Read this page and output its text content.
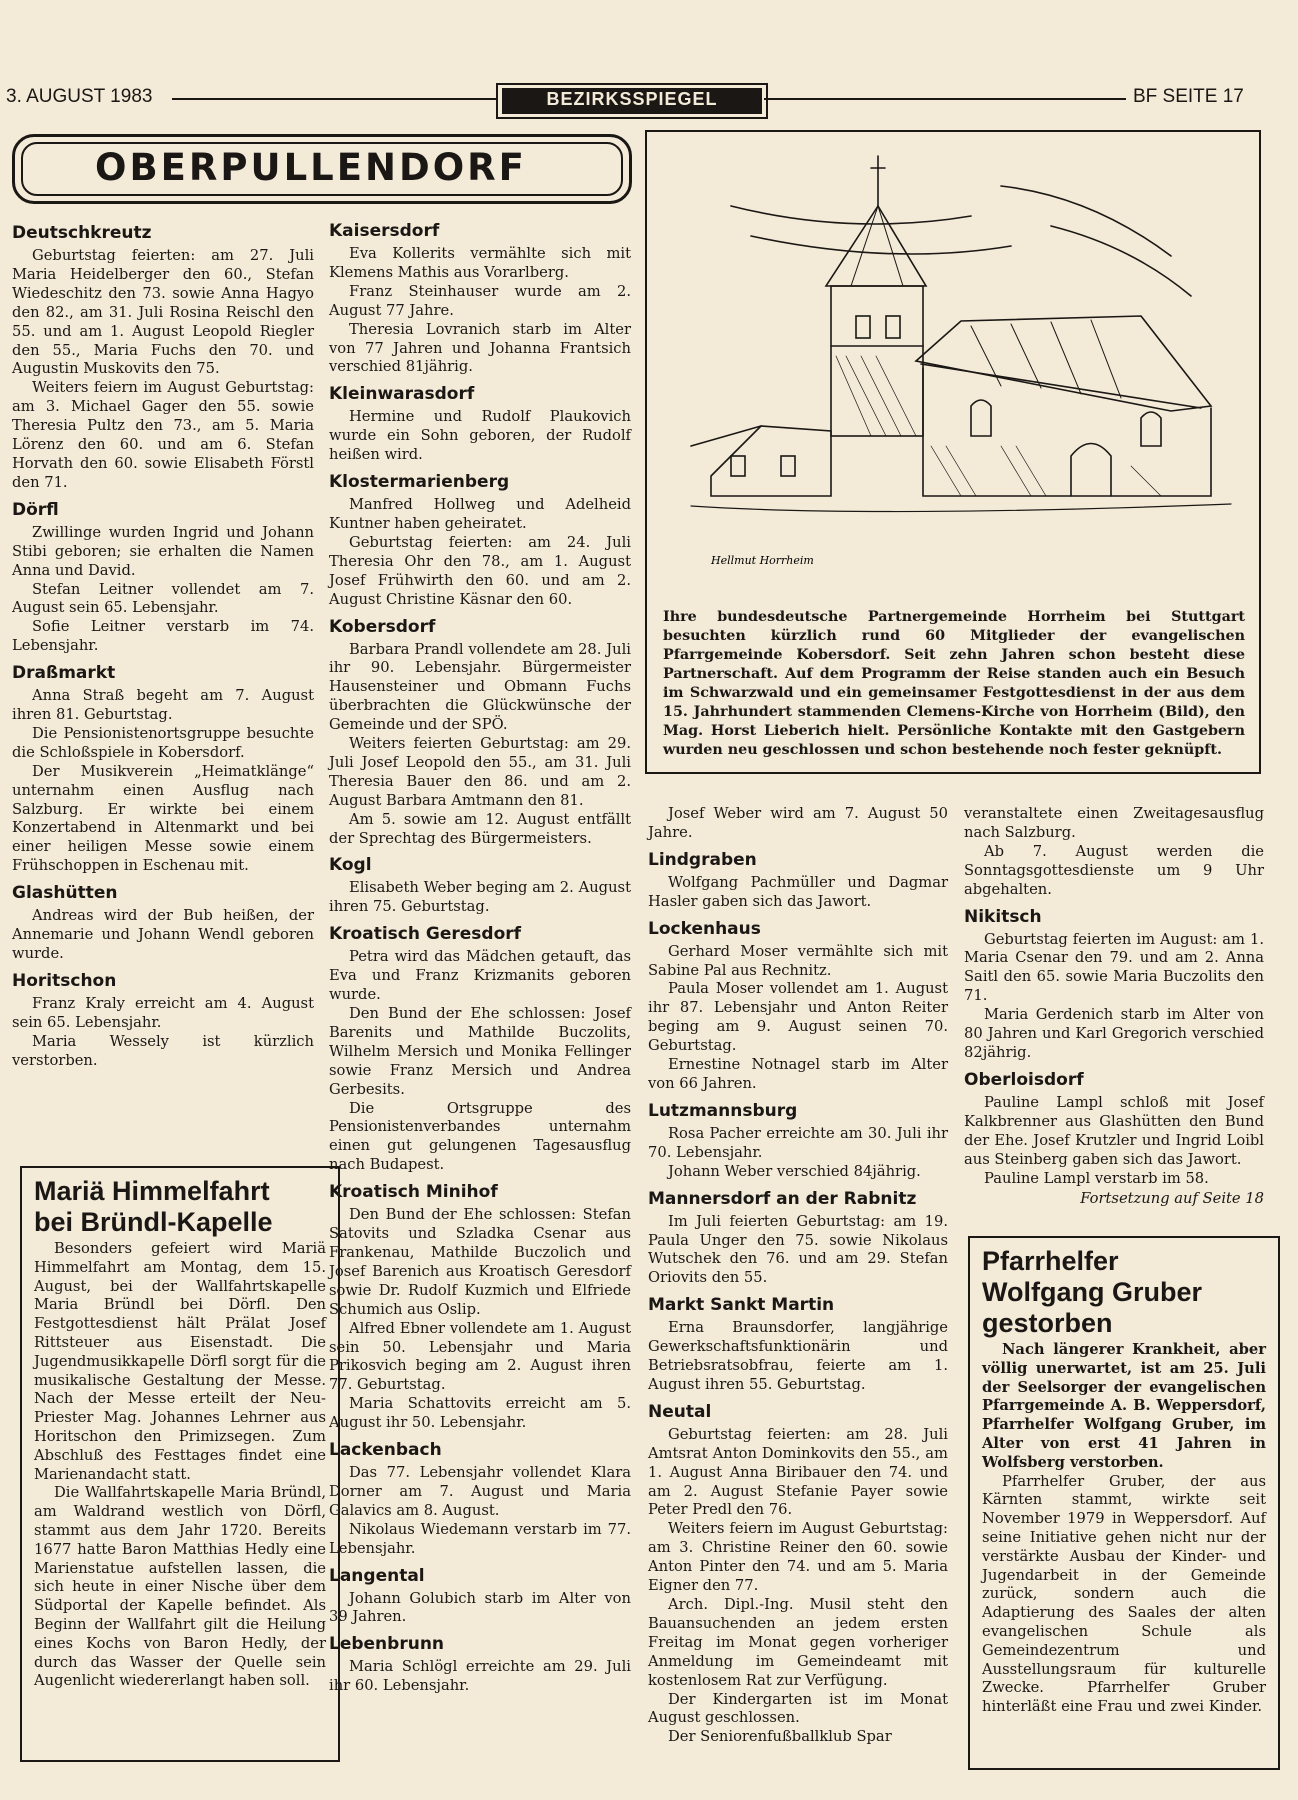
3. AUGUST 1983	BEZIRKSSPIEGEL	BF SEITE 17
OBERPULLENDORF
Deutschkreutz

Geburtstag feierten: am 27. Juli Maria Heidelberger den 60., Stefan Wiedeschitz den 73. sowie Anna Hagyo den 82., am 31. Juli Rosina Reischl den 55. und am 1. August Leopold Riegler den 55., Maria Fuchs den 70. und Augustin Muskovits den 75.

Weiters feiern im August Geburtstag: am 3. Michael Gager den 55. sowie Theresia Pultz den 73., am 5. Maria Lörenz den 60. und am 6. Stefan Horvath den 60. sowie Elisabeth Förstl den 71.

Dörfl

Zwillinge wurden Ingrid und Johann Stibi geboren; sie erhalten die Namen Anna und David.

Stefan Leitner vollendet am 7. August sein 65. Lebensjahr.

Sofie Leitner verstarb im 74. Lebensjahr.

Draßmarkt

Anna Straß begeht am 7. August ihren 81. Geburtstag.

Die Pensionistenortsgruppe besuchte die Schloßspiele in Kobersdorf.

Der Musikverein „Heimatklänge“ unternahm einen Ausflug nach Salzburg. Er wirkte bei einem Konzertabend in Altenmarkt und bei einer heiligen Messe sowie einem Frühschoppen in Eschenau mit.

Glashütten

Andreas wird der Bub heißen, der Annemarie und Johann Wendl geboren wurde.

Horitschon

Franz Kraly erreicht am 4. August sein 65. Lebensjahr.

Maria Wessely ist kürzlich verstorben.

Mariä Himmelfahrt
bei Bründl-Kapelle

Besonders gefeiert wird Mariä Himmelfahrt am Montag, dem 15. August, bei der Wallfahrtskapelle Maria Bründl bei Dörfl. Den Festgottesdienst hält Prälat Josef Rittsteuer aus Eisenstadt. Die Jugendmusikkapelle Dörfl sorgt für die musikalische Gestaltung der Messe. Nach der Messe erteilt der Neu-Priester Mag. Johannes Lehrner aus Horitschon den Primizsegen. Zum Abschluß des Festtages findet eine Marienandacht statt.

Die Wallfahrtskapelle Maria Bründl, am Waldrand westlich von Dörfl, stammt aus dem Jahr 1720. Bereits 1677 hatte Baron Matthias Hedly eine Marienstatue aufstellen lassen, die sich heute in einer Nische über dem Südportal der Kapelle befindet. Als Beginn der Wallfahrt gilt die Heilung eines Kochs von Baron Hedly, der durch das Wasser der Quelle sein Augenlicht wiedererlangt haben soll.

Kaisersdorf

Eva Kollerits vermählte sich mit Klemens Mathis aus Vorarlberg.

Franz Steinhauser wurde am 2. August 77 Jahre.

Theresia Lovranich starb im Alter von 77 Jahren und Johanna Frantsich verschied 81jährig.

Kleinwarasdorf

Hermine und Rudolf Plaukovich wurde ein Sohn geboren, der Rudolf heißen wird.

Klostermarienberg

Manfred Hollweg und Adelheid Kuntner haben geheiratet.

Geburtstag feierten: am 24. Juli Theresia Ohr den 78., am 1. August Josef Frühwirth den 60. und am 2. August Christine Käsnar den 60.

Kobersdorf

Barbara Prandl vollendete am 28. Juli ihr 90. Lebensjahr. Bürgermeister Hausensteiner und Obmann Fuchs überbrachten die Glückwünsche der Gemeinde und der SPÖ.

Weiters feierten Geburtstag: am 29. Juli Josef Leopold den 55., am 31. Juli Theresia Bauer den 86. und am 2. August Barbara Amtmann den 81.

Am 5. sowie am 12. August entfällt der Sprechtag des Bürgermeisters.

Kogl

Elisabeth Weber beging am 2. August ihren 75. Geburtstag.

Kroatisch Geresdorf

Petra wird das Mädchen getauft, das Eva und Franz Krizmanits geboren wurde.

Den Bund der Ehe schlossen: Josef Barenits und Mathilde Buczolits, Wilhelm Mersich und Monika Fellinger sowie Franz Mersich und Andrea Gerbesits.

Die Ortsgruppe des Pensionistenverbandes unternahm einen gut gelungenen Tagesausflug nach Budapest.

Kroatisch Minihof

Den Bund der Ehe schlossen: Stefan Satovits und Szladka Csenar aus Frankenau, Mathilde Buczolich und Josef Barenich aus Kroatisch Geresdorf sowie Dr. Rudolf Kuzmich und Elfriede Schumich aus Oslip.

Alfred Ebner vollendete am 1. August sein 50. Lebensjahr und Maria Prikosvich beging am 2. August ihren 77. Geburtstag.

Maria Schattovits erreicht am 5. August ihr 50. Lebensjahr.

Lackenbach

Das 77. Lebensjahr vollendet Klara Dorner am 7. August und Maria Galavics am 8. August.

Nikolaus Wiedemann verstarb im 77. Lebensjahr.

Langental

Johann Golubich starb im Alter von 39 Jahren.

Lebenbrunn

Maria Schlögl erreichte am 29. Juli ihr 60. Lebensjahr.

Hellmut Horrheim
Ihre bundesdeutsche Partnergemeinde Horrheim bei Stuttgart besuchten kürzlich rund 60 Mitglieder der evangelischen Pfarrgemeinde Kobersdorf. Seit zehn Jahren schon besteht diese Partnerschaft. Auf dem Programm der Reise standen auch ein Besuch im Schwarzwald und ein gemeinsamer Festgottesdienst in der aus dem 15. Jahrhundert stammenden Clemens-Kirche von Horrheim (Bild), den Mag. Horst Lieberich hielt. Persönliche Kontakte mit den Gastgebern wurden neu geschlossen und schon bestehende noch fester geknüpft.

Josef Weber wird am 7. August 50 Jahre.

Lindgraben

Wolfgang Pachmüller und Dagmar Hasler gaben sich das Jawort.

Lockenhaus

Gerhard Moser vermählte sich mit Sabine Pal aus Rechnitz.

Paula Moser vollendet am 1. August ihr 87. Lebensjahr und Anton Reiter beging am 9. August seinen 70. Geburtstag.

Ernestine Notnagel starb im Alter von 66 Jahren.

Lutzmannsburg

Rosa Pacher erreichte am 30. Juli ihr 70. Lebensjahr.

Johann Weber verschied 84jährig.

Mannersdorf an der Rabnitz

Im Juli feierten Geburtstag: am 19. Paula Unger den 75. sowie Nikolaus Wutschek den 76. und am 29. Stefan Oriovits den 55.

Markt Sankt Martin

Erna Braunsdorfer, langjährige Gewerkschaftsfunktionärin und Betriebsratsobfrau, feierte am 1. August ihren 55. Geburtstag.

Neutal

Geburtstag feierten: am 28. Juli Amtsrat Anton Dominkovits den 55., am 1. August Anna Biribauer den 74. und am 2. August Stefanie Payer sowie Peter Predl den 76.

Weiters feiern im August Geburtstag: am 3. Christine Reiner den 60. sowie Anton Pinter den 74. und am 5. Maria Eigner den 77.

Arch. Dipl.-Ing. Musil steht den Bauansuchenden an jedem ersten Freitag im Monat gegen vorheriger Anmeldung im Gemeindeamt mit kostenlosem Rat zur Verfügung.

Der Kindergarten ist im Monat August geschlossen.

Der Seniorenfußballklub Spar

veranstaltete einen Zweitagesausflug nach Salzburg.

Ab 7. August werden die Sonntagsgottesdienste um 9 Uhr abgehalten.

Nikitsch

Geburtstag feierten im August: am 1. Maria Csenar den 79. und am 2. Anna Saitl den 65. sowie Maria Buczolits den 71.

Maria Gerdenich starb im Alter von 80 Jahren und Karl Gregorich verschied 82jährig.

Oberloisdorf

Pauline Lampl schloß mit Josef Kalkbrenner aus Glashütten den Bund der Ehe. Josef Krutzler und Ingrid Loibl aus Steinberg gaben sich das Jawort.

Pauline Lampl verstarb im 58.

Fortsetzung auf Seite 18
Pfarrhelfer
Wolfgang Gruber
gestorben

Nach längerer Krankheit, aber völlig unerwartet, ist am 25. Juli der Seelsorger der evangelischen Pfarrgemeinde A. B. Weppersdorf, Pfarrhelfer Wolfgang Gruber, im Alter von erst 41 Jahren in Wolfsberg verstorben.

Pfarrhelfer Gruber, der aus Kärnten stammt, wirkte seit November 1979 in Weppersdorf. Auf seine Initiative gehen nicht nur der verstärkte Ausbau der Kinder- und Jugendarbeit in der Gemeinde zurück, sondern auch die Adaptierung des Saales der alten evangelischen Schule als Gemeindezentrum und Ausstellungsraum für kulturelle Zwecke. Pfarrhelfer Gruber hinterläßt eine Frau und zwei Kinder.
